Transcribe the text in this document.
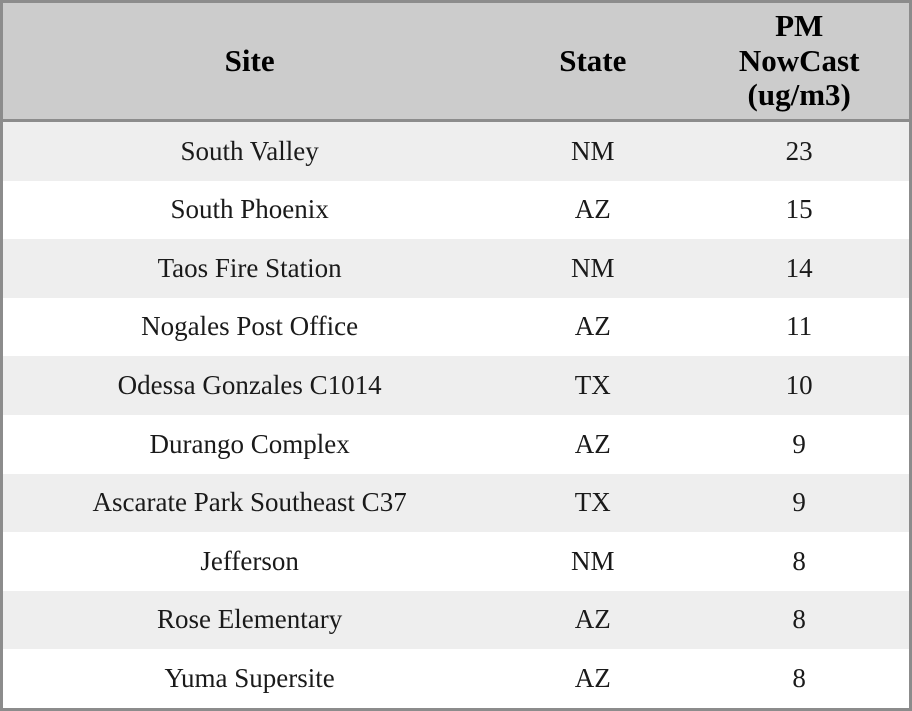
Site	State	PM
NowCast
(ug/m3)

South Valley	NM	23
South Phoenix	AZ	15
Taos Fire Station	NM	14
Nogales Post Office	AZ	11
Odessa Gonzales C1014	TX	10
Durango Complex	AZ	9
Ascarate Park Southeast C37	TX	9
Jefferson	NM	8
Rose Elementary	AZ	8
Yuma Supersite	AZ	8
